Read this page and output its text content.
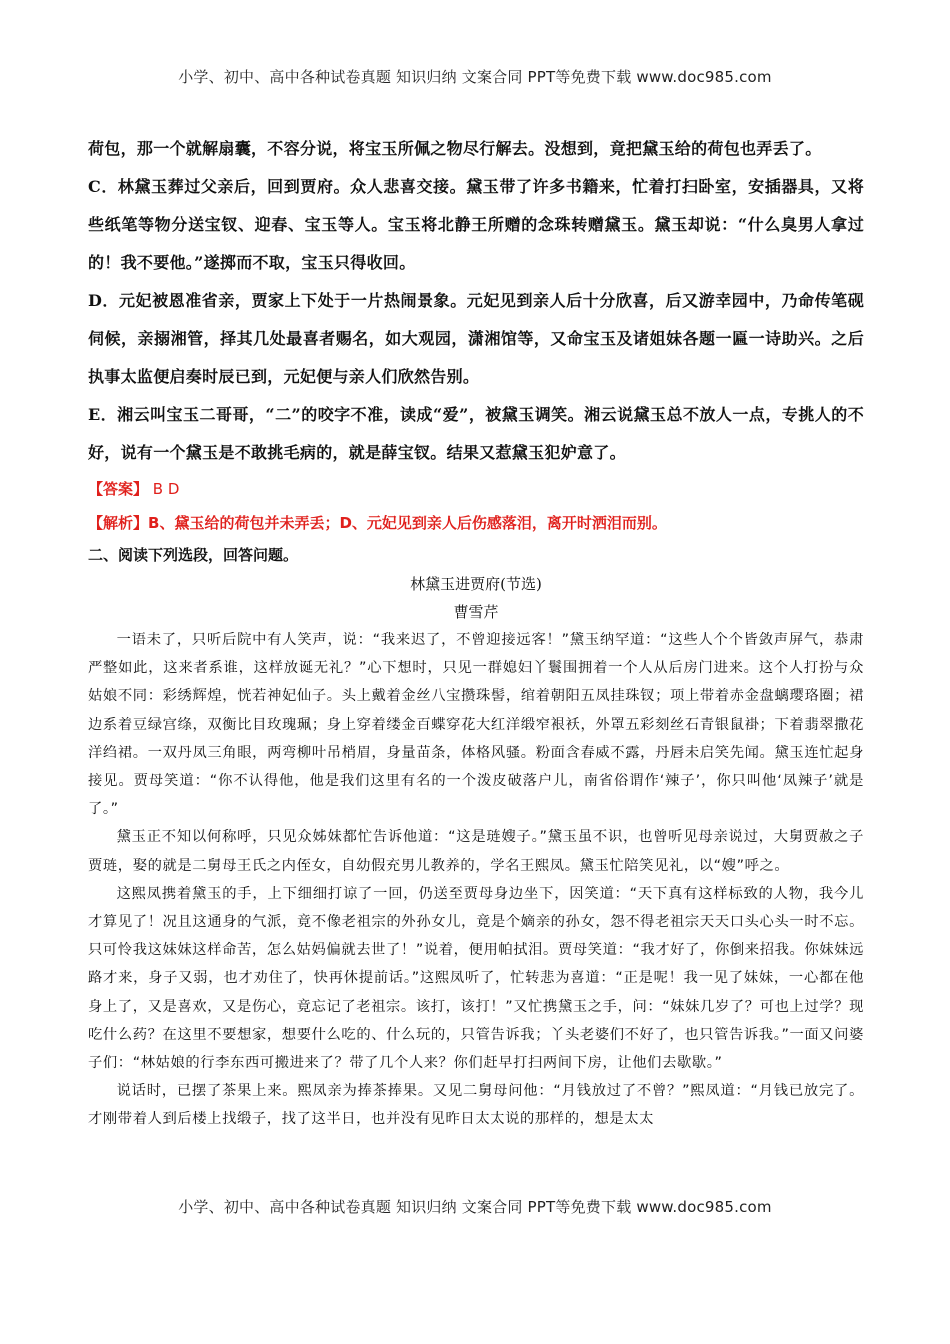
小学、初中、高中各种试卷真题 知识归纳 文案合同 PPT等免费下载 www.doc985.com

荷包，那一个就解扇囊，不容分说，将宝玉所佩之物尽行解去。没想到，竟把黛玉给的荷包也弄丢了。

C．林黛玉葬过父亲后，回到贾府。众人悲喜交接。黛玉带了许多书籍来，忙着打扫卧室，安插器具，又将些纸笔等物分送宝钗、迎春、宝玉等人。宝玉将北静王所赠的念珠转赠黛玉。黛玉却说：“什么臭男人拿过的！我不要他。”遂掷而不取，宝玉只得收回。

D．元妃被恩准省亲，贾家上下处于一片热闹景象。元妃见到亲人后十分欣喜，后又游幸园中，乃命传笔砚伺候，亲搦湘管，择其几处最喜者赐名，如大观园，潇湘馆等，又命宝玉及诸姐妹各题一匾一诗助兴。之后执事太监便启奏时辰已到，元妃便与亲人们欣然告别。

E．湘云叫宝玉二哥哥，“二”的咬字不准，读成“爱”，被黛玉调笑。湘云说黛玉总不放人一点，专挑人的不好，说有一个黛玉是不敢挑毛病的，就是薛宝钗。结果又惹黛玉犯妒意了。

【答案】 B D

【解析】B、黛玉给的荷包并未弄丢；D、元妃见到亲人后伤感落泪，离开时洒泪而别。

二、阅读下列选段，回答问题。

林黛玉进贾府(节选)

曹雪芹

一语未了，只听后院中有人笑声，说：“我来迟了，不曾迎接远客！”黛玉纳罕道：“这些人个个皆敛声屏气，恭肃严整如此，这来者系谁，这样放诞无礼？”心下想时，只见一群媳妇丫鬟围拥着一个人从后房门进来。这个人打扮与众姑娘不同：彩绣辉煌，恍若神妃仙子。头上戴着金丝八宝攒珠髻，绾着朝阳五凤挂珠钗；项上带着赤金盘螭璎珞圈；裙边系着豆绿宫绦，双衡比目玫瑰珮；身上穿着缕金百蝶穿花大红洋缎窄裉袄，外罩五彩刻丝石青银鼠褂；下着翡翠撒花洋绉裙。一双丹凤三角眼，两弯柳叶吊梢眉，身量苗条，体格风骚。粉面含春威不露，丹唇未启笑先闻。黛玉连忙起身接见。贾母笑道：“你不认得他，他是我们这里有名的一个泼皮破落户儿，南省俗谓作‘辣子’，你只叫他‘凤辣子’就是了。”

黛玉正不知以何称呼，只见众姊妹都忙告诉他道：“这是琏嫂子。”黛玉虽不识，也曾听见母亲说过，大舅贾赦之子贾琏，娶的就是二舅母王氏之内侄女，自幼假充男儿教养的，学名王熙凤。黛玉忙陪笑见礼，以“嫂”呼之。

这熙凤携着黛玉的手，上下细细打谅了一回，仍送至贾母身边坐下，因笑道：“天下真有这样标致的人物，我今儿才算见了！况且这通身的气派，竟不像老祖宗的外孙女儿，竟是个嫡亲的孙女，怨不得老祖宗天天口头心头一时不忘。只可怜我这妹妹这样命苦，怎么姑妈偏就去世了！”说着，便用帕拭泪。贾母笑道：“我才好了，你倒来招我。你妹妹远路才来，身子又弱，也才劝住了，快再休提前话。”这熙凤听了，忙转悲为喜道：“正是呢！我一见了妹妹，一心都在他身上了，又是喜欢，又是伤心，竟忘记了老祖宗。该打，该打！”又忙携黛玉之手，问：“妹妹几岁了？可也上过学？现吃什么药？在这里不要想家，想要什么吃的、什么玩的，只管告诉我；丫头老婆们不好了，也只管告诉我。”一面又问婆子们：“林姑娘的行李东西可搬进来了？带了几个人来？你们赶早打扫两间下房，让他们去歇歇。”

说话时，已摆了茶果上来。熙凤亲为捧茶捧果。又见二舅母问他：“月钱放过了不曾？”熙凤道：“月钱已放完了。才刚带着人到后楼上找缎子，找了这半日，也并没有见昨日太太说的那样的，想是太太

小学、初中、高中各种试卷真题 知识归纳 文案合同 PPT等免费下载 www.doc985.com
